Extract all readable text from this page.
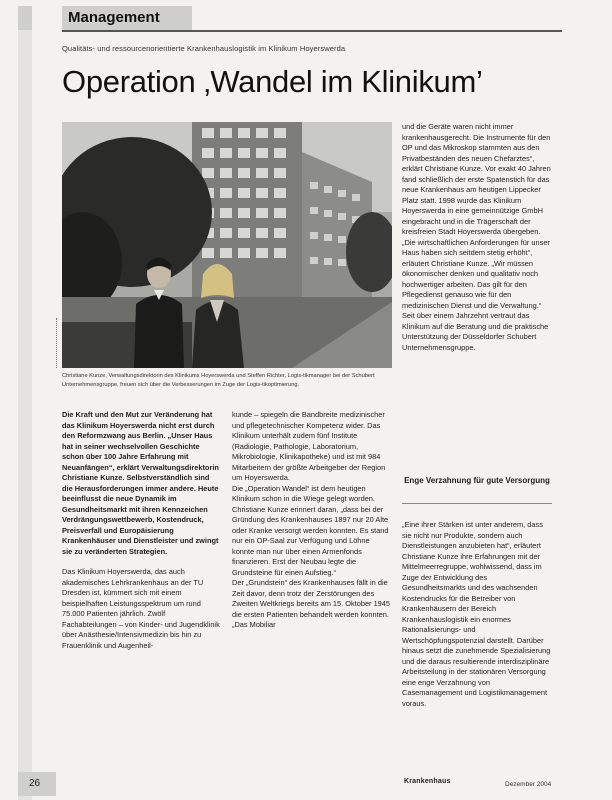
Management
Qualitäts- und ressourcenorientierte Krankenhauslogistik im Klinikum Hoyerswerda
Operation ‚Wandel im Klinikum’
Christiane Kunze, Verwaltungsdirektorin des Klinikums Hoyerswerda und Steffen Richter, Logis-tikmanager bei der Schubert Unternehmensgruppe, freuen sich über die Verbesserungen im Zuge der Logis-tikoptimierung.

Die Kraft und den Mut zur Veränderung hat das Klinikum Hoyerswerda nicht erst durch den Reformzwang aus Berlin. „Unser Haus hat in seiner wechselvollen Geschichte schon über 100 Jahre Erfahrung mit Neuanfängen“, erklärt Verwaltungsdirektorin Christiane Kunze. Selbstverständlich sind die Herausforderungen immer andere. Heute beeinflusst die neue Dynamik im Gesundheitsmarkt mit ihren Kennzeichen Verdrängungswettbewerb, Kostendruck, Preisverfall und Europäisierung Krankenhäuser und Dienstleister und zwingt sie zu veränderten Strategien.

Das Klinikum Hoyerswerda, das auch akademisches Lehrkrankenhaus an der TU Dresden ist, kümmert sich mit einem beispielhaften Leistungsspektrum um rund 75.000 Patienten jährlich. Zwölf Fachabteilungen – von Kinder- und Jugendklinik über Anästhesie/Intensivmedizin bis hin zu Frauenklinik und Augenheil-

kunde – spiegeln die Bandbreite medizinischer und pflegetechnischer Kompetenz wider. Das Klinikum unterhält zudem fünf Institute (Radiologie, Pathologie, Laboratorium, Mikrobiologie, Klinikapotheke) und ist mit 984 Mitarbeitern der größte Arbeitgeber der Region um Hoyerswerda.

Die „Operation Wandel“ ist dem heutigen Klinikum schon in die Wiege gelegt worden. Christiane Kunze erinnert daran, „dass bei der Gründung des Krankenhauses 1897 nur 20 Alte oder Kranke versorgt werden konnten. Es stand nur ein OP-Saal zur Verfügung und Löhne konnte man nur über einen Armenfonds finanzieren. Erst der Neubau legte die Grundsteine für einen Aufstieg.“

Der „Grundstein“ des Krankenhauses fällt in die Zeit davor, denn trotz der Zerstörungen des Zweiten Weltkriegs bereits am 15. Oktober 1945 die ersten Patienten behandelt werden konnten. „Das Mobiliar

und die Geräte waren nicht immer krankenhausgerecht. Die Instrumente für den OP und das Mikroskop stammten aus den Privatbeständen des neuen Chefarztes“, erklärt Christiane Kunze. Vor exakt 40 Jahren fand schließlich der erste Spatenstich für das neue Krankenhaus am heutigen Lippecker Platz statt. 1998 wurde das Klinikum Hoyerswerda in eine gemeinnützige GmbH eingebracht und in die Trägerschaft der kreisfreien Stadt Hoyerswerda übergeben. „Die wirtschaftlichen Anforderungen für unser Haus haben sich seitdem stetig erhöht“, erläutert Christiane Kunze. „Wir müssen ökonomischer denken und qualitativ noch hochwertiger arbeiten. Das gilt für den Pflegedienst genauso wie für den medizinischen Dienst und die Verwaltung.“ Seit über einem Jahrzehnt vertraut das Klinikum auf die Beratung und die praktische Unterstützung der Düsseldorfer Schubert Unternehmensgruppe.

Enge Verzahnung für gute Versorgung

„Eine ihrer Stärken ist unter anderem, dass sie nicht nur Produkte, sondern auch Dienstleistungen anzubieten hat“, erläutert Christiane Kunze ihre Erfahrungen mit der Mittelmeerregruppe, wohlwissend, dass im Zuge der Entwicklung des Gesundheitsmarkts und des wachsenden Kostendrucks für die Betreiber von Krankenhäusern der Bereich Krankenhauslogistik ein enormes Rationalisierungs- und Wertschöpfungspotenzial darstellt. Darüber hinaus setzt die zunehmende Spezialisierung und die daraus resultierende interdisziplinäre Arbeitsteilung in der stationären Versorgung eine enge Verzahnung von Casemanagement und Logistikmanagement voraus.

26	Krankenhaus	Dezember 2004
